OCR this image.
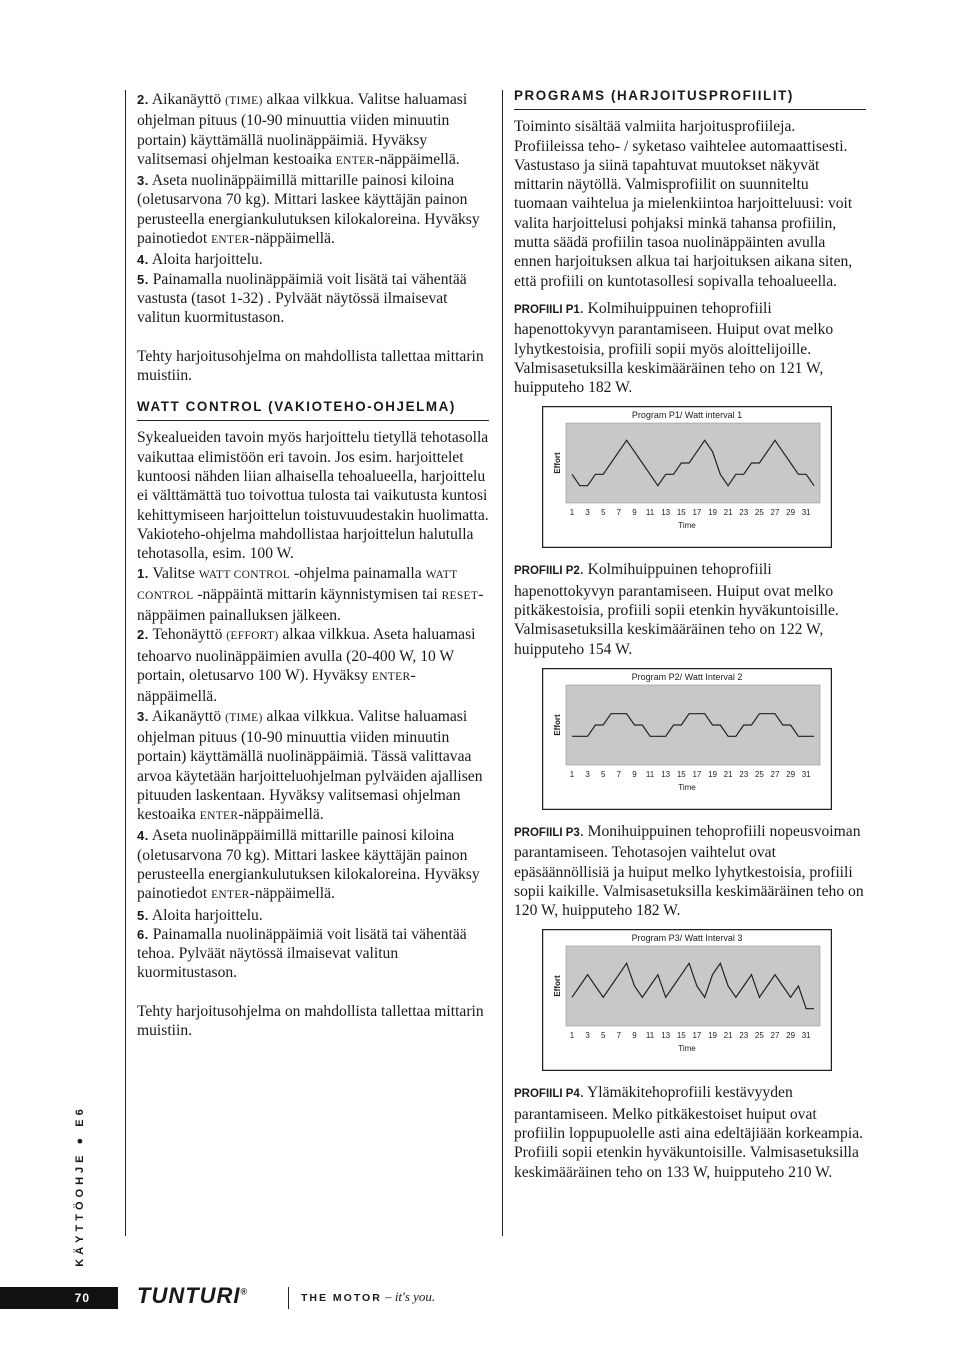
2. Aikanäyttö (TIME) alkaa vilkkua. Valitse haluamasi ohjelman pituus (10-90 minuuttia viiden minuutin portain) käyttämällä nuolinäppäimiä. Hyväksy valitsemasi ohjelman kestoaika ENTER-näppäimellä.

3. Aseta nuolinäppäimillä mittarille painosi kiloina (oletusarvona 70 kg). Mittari laskee käyttäjän painon perusteella energiankulutuksen kilokaloreina. Hyväksy painotiedot ENTER-näppäimellä.

4. Aloita harjoittelu.

5. Painamalla nuolinäppäimiä voit lisätä tai vähentää vastusta (tasot 1-32) . Pylväät näytössä ilmaisevat valitun kuormitustason.

Tehty harjoitusohjelma on mahdollista tallettaa mittarin muistiin.

WATT CONTROL (VAKIOTEHO-OHJELMA)

Sykealueiden tavoin myös harjoittelu tietyllä tehotasolla vaikuttaa elimistöön eri tavoin. Jos esim. harjoittelet kuntoosi nähden liian alhaisella tehoalueella, harjoittelu ei välttämättä tuo toivottua tulosta tai vaikutusta kuntosi kehittymiseen harjoittelun toistuvuudestakin huolimatta. Vakioteho-ohjelma mahdollistaa harjoittelun halutulla tehotasolla, esim. 100 W.

1. Valitse WATT CONTROL -ohjelma painamalla WATT CONTROL -näppäintä mittarin käynnistymisen tai RESET-näppäimen painalluksen jälkeen.

2. Tehonäyttö (EFFORT) alkaa vilkkua. Aseta haluamasi tehoarvo nuolinäppäimien avulla (20-400 W, 10 W portain, oletusarvo 100 W). Hyväksy ENTER-näppäimellä.

3. Aikanäyttö (TIME) alkaa vilkkua. Valitse haluamasi ohjelman pituus (10-90 minuuttia viiden minuutin portain) käyttämällä nuolinäppäimiä. Tässä valittavaa arvoa käytetään harjoitteluohjelman pylväiden ajallisen pituuden laskentaan. Hyväksy valitsemasi ohjelman kestoaika ENTER-näppäimellä.

4. Aseta nuolinäppäimillä mittarille painosi kiloina (oletusarvona 70 kg). Mittari laskee käyttäjän painon perusteella energiankulutuksen kilokaloreina. Hyväksy painotiedot ENTER-näppäimellä.

5. Aloita harjoittelu.

6. Painamalla nuolinäppäimiä voit lisätä tai vähentää tehoa. Pylväät näytössä ilmaisevat valitun kuormitustason.

Tehty harjoitusohjelma on mahdollista tallettaa mittarin muistiin.

PROGRAMS (HARJOITUSPROFIILIT)

Toiminto sisältää valmiita harjoitusprofiileja. Profiileissa teho- / syketaso vaihtelee automaattisesti. Vastustaso ja siinä tapahtuvat muutokset näkyvät mittarin näytöllä. Valmisprofiilit on suunniteltu tuomaan vaihtelua ja mielenkiintoa harjoitteluusi: voit valita harjoittelusi pohjaksi minkä tahansa profiilin, mutta säädä profiilin tasoa nuolinäppäinten avulla ennen harjoituksen alkua tai harjoituksen aikana siten, että profiili on kuntotasollesi sopivalla tehoalueella.

PROFIILI P1. Kolmihuippuinen tehoprofiili hapenottokyvyn parantamiseen. Huiput ovat melko lyhytkestoisia, profiili sopii myös aloittelijoille. Valmisasetuksilla keskimääräinen teho on 121 W, huipputeho 182 W.

Program P1/ Watt interval 1
Effort
1 3 5 7 9 11 13 15 17 19 21 23 25 27 29 31
Time

PROFIILI P2. Kolmihuippuinen tehoprofiili hapenottokyvyn parantamiseen. Huiput ovat melko pitkäkestoisia, profiili sopii etenkin hyväkuntoisille. Valmisasetuksilla keskimääräinen teho on 122 W, huipputeho 154 W.

Program P2/ Watt Interval 2
Effort
1 3 5 7 9 11 13 15 17 19 21 23 25 27 29 31
Time

PROFIILI P3. Monihuippuinen tehoprofiili nopeusvoiman parantamiseen. Tehotasojen vaihtelut ovat epäsäännöllisiä ja huiput melko lyhytkestoisia, profiili sopii kaikille. Valmisasetuksilla keskimääräinen teho on 120 W, huipputeho 182 W.

Program P3/ Watt Interval 3
Effort
1 3 5 7 9 11 13 15 17 19 21 23 25 27 29 31
Time

PROFIILI P4. Ylämäkitehoprofiili kestävyyden parantamiseen. Melko pitkäkestoiset huiput ovat profiilin loppupuolelle asti aina edeltäjiään korkeampia. Profiili sopii etenkin hyväkuntoisille. Valmisasetuksilla keskimääräinen teho on 133 W, huipputeho 210 W.

KÄYTTÖOHJE ● E6
70 TUNTURI®
THE MOTOR – it's you.
